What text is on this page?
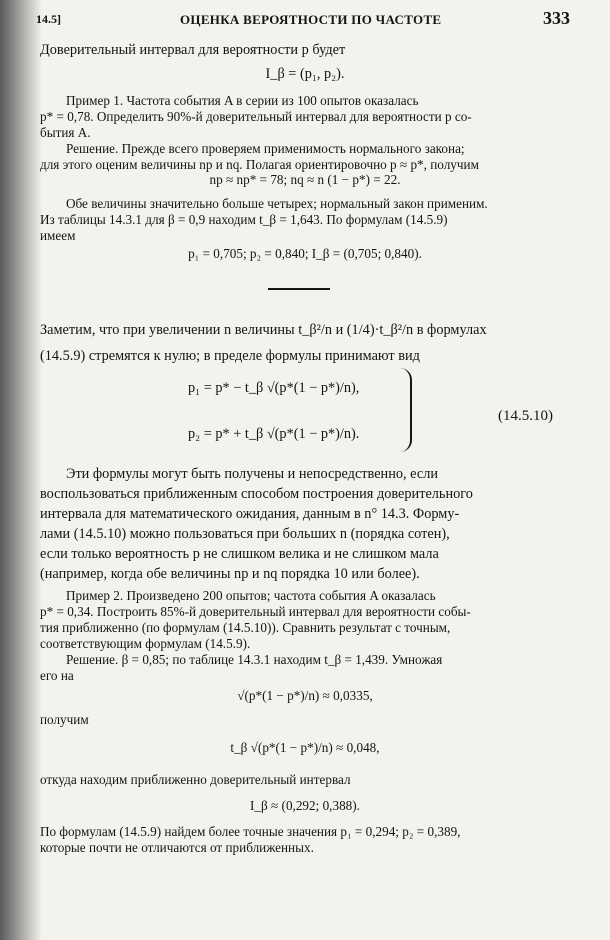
14.5]	ОЦЕНКА ВЕРОЯТНОСТИ ПО ЧАСТОТЕ	333
Доверительный интервал для вероятности p будет
I_β = (p₁, p₂).
Пример 1. Частота события A в серии из 100 опытов оказалась
p* = 0,78. Определить 90%-й доверительный интервал для вероятности p со-
бытия A.
Решение. Прежде всего проверяем применимость нормального закона;
для этого оценим величины np и nq. Полагая ориентировочно p ≈ p*, получим
np ≈ np* = 78; nq ≈ n (1 − p*) = 22.
Обе величины значительно больше четырех; нормальный закон применим.
Из таблицы 14.3.1 для β = 0,9 находим t_β = 1,643. По формулам (14.5.9)
имеем
p₁ = 0,705; p₂ = 0,840; I_β = (0,705; 0,840).
Заметим, что при увеличении n величины t_β²/n и (1/4)·t_β²/n в формулах
(14.5.9) стремятся к нулю; в пределе формулы принимают вид
p₁ = p* − t_β √(p*(1 − p*)/n),
p₂ = p* + t_β √(p*(1 − p*)/n).
(14.5.10)
Эти формулы могут быть получены и непосредственно, если
воспользоваться приближенным способом построения доверительного
интервала для математического ожидания, данным в n° 14.3. Форму-
лами (14.5.10) можно пользоваться при больших n (порядка сотен),
если только вероятность p не слишком велика и не слишком мала
(например, когда обе величины np и nq порядка 10 или более).
Пример 2. Произведено 200 опытов; частота события A оказалась
p* = 0,34. Построить 85%-й доверительный интервал для вероятности собы-
тия приближенно (по формулам (14.5.10)). Сравнить результат с точным,
соответствующим формулам (14.5.9).
Решение. β = 0,85; по таблице 14.3.1 находим t_β = 1,439. Умножая
его на
√(p*(1 − p*)/n) ≈ 0,0335,
получим
t_β √(p*(1 − p*)/n) ≈ 0,048,
откуда находим приближенно доверительный интервал
I_β ≈ (0,292; 0,388).
По формулам (14.5.9) найдем более точные значения p₁ = 0,294; p₂ = 0,389,
которые почти не отличаются от приближенных.
